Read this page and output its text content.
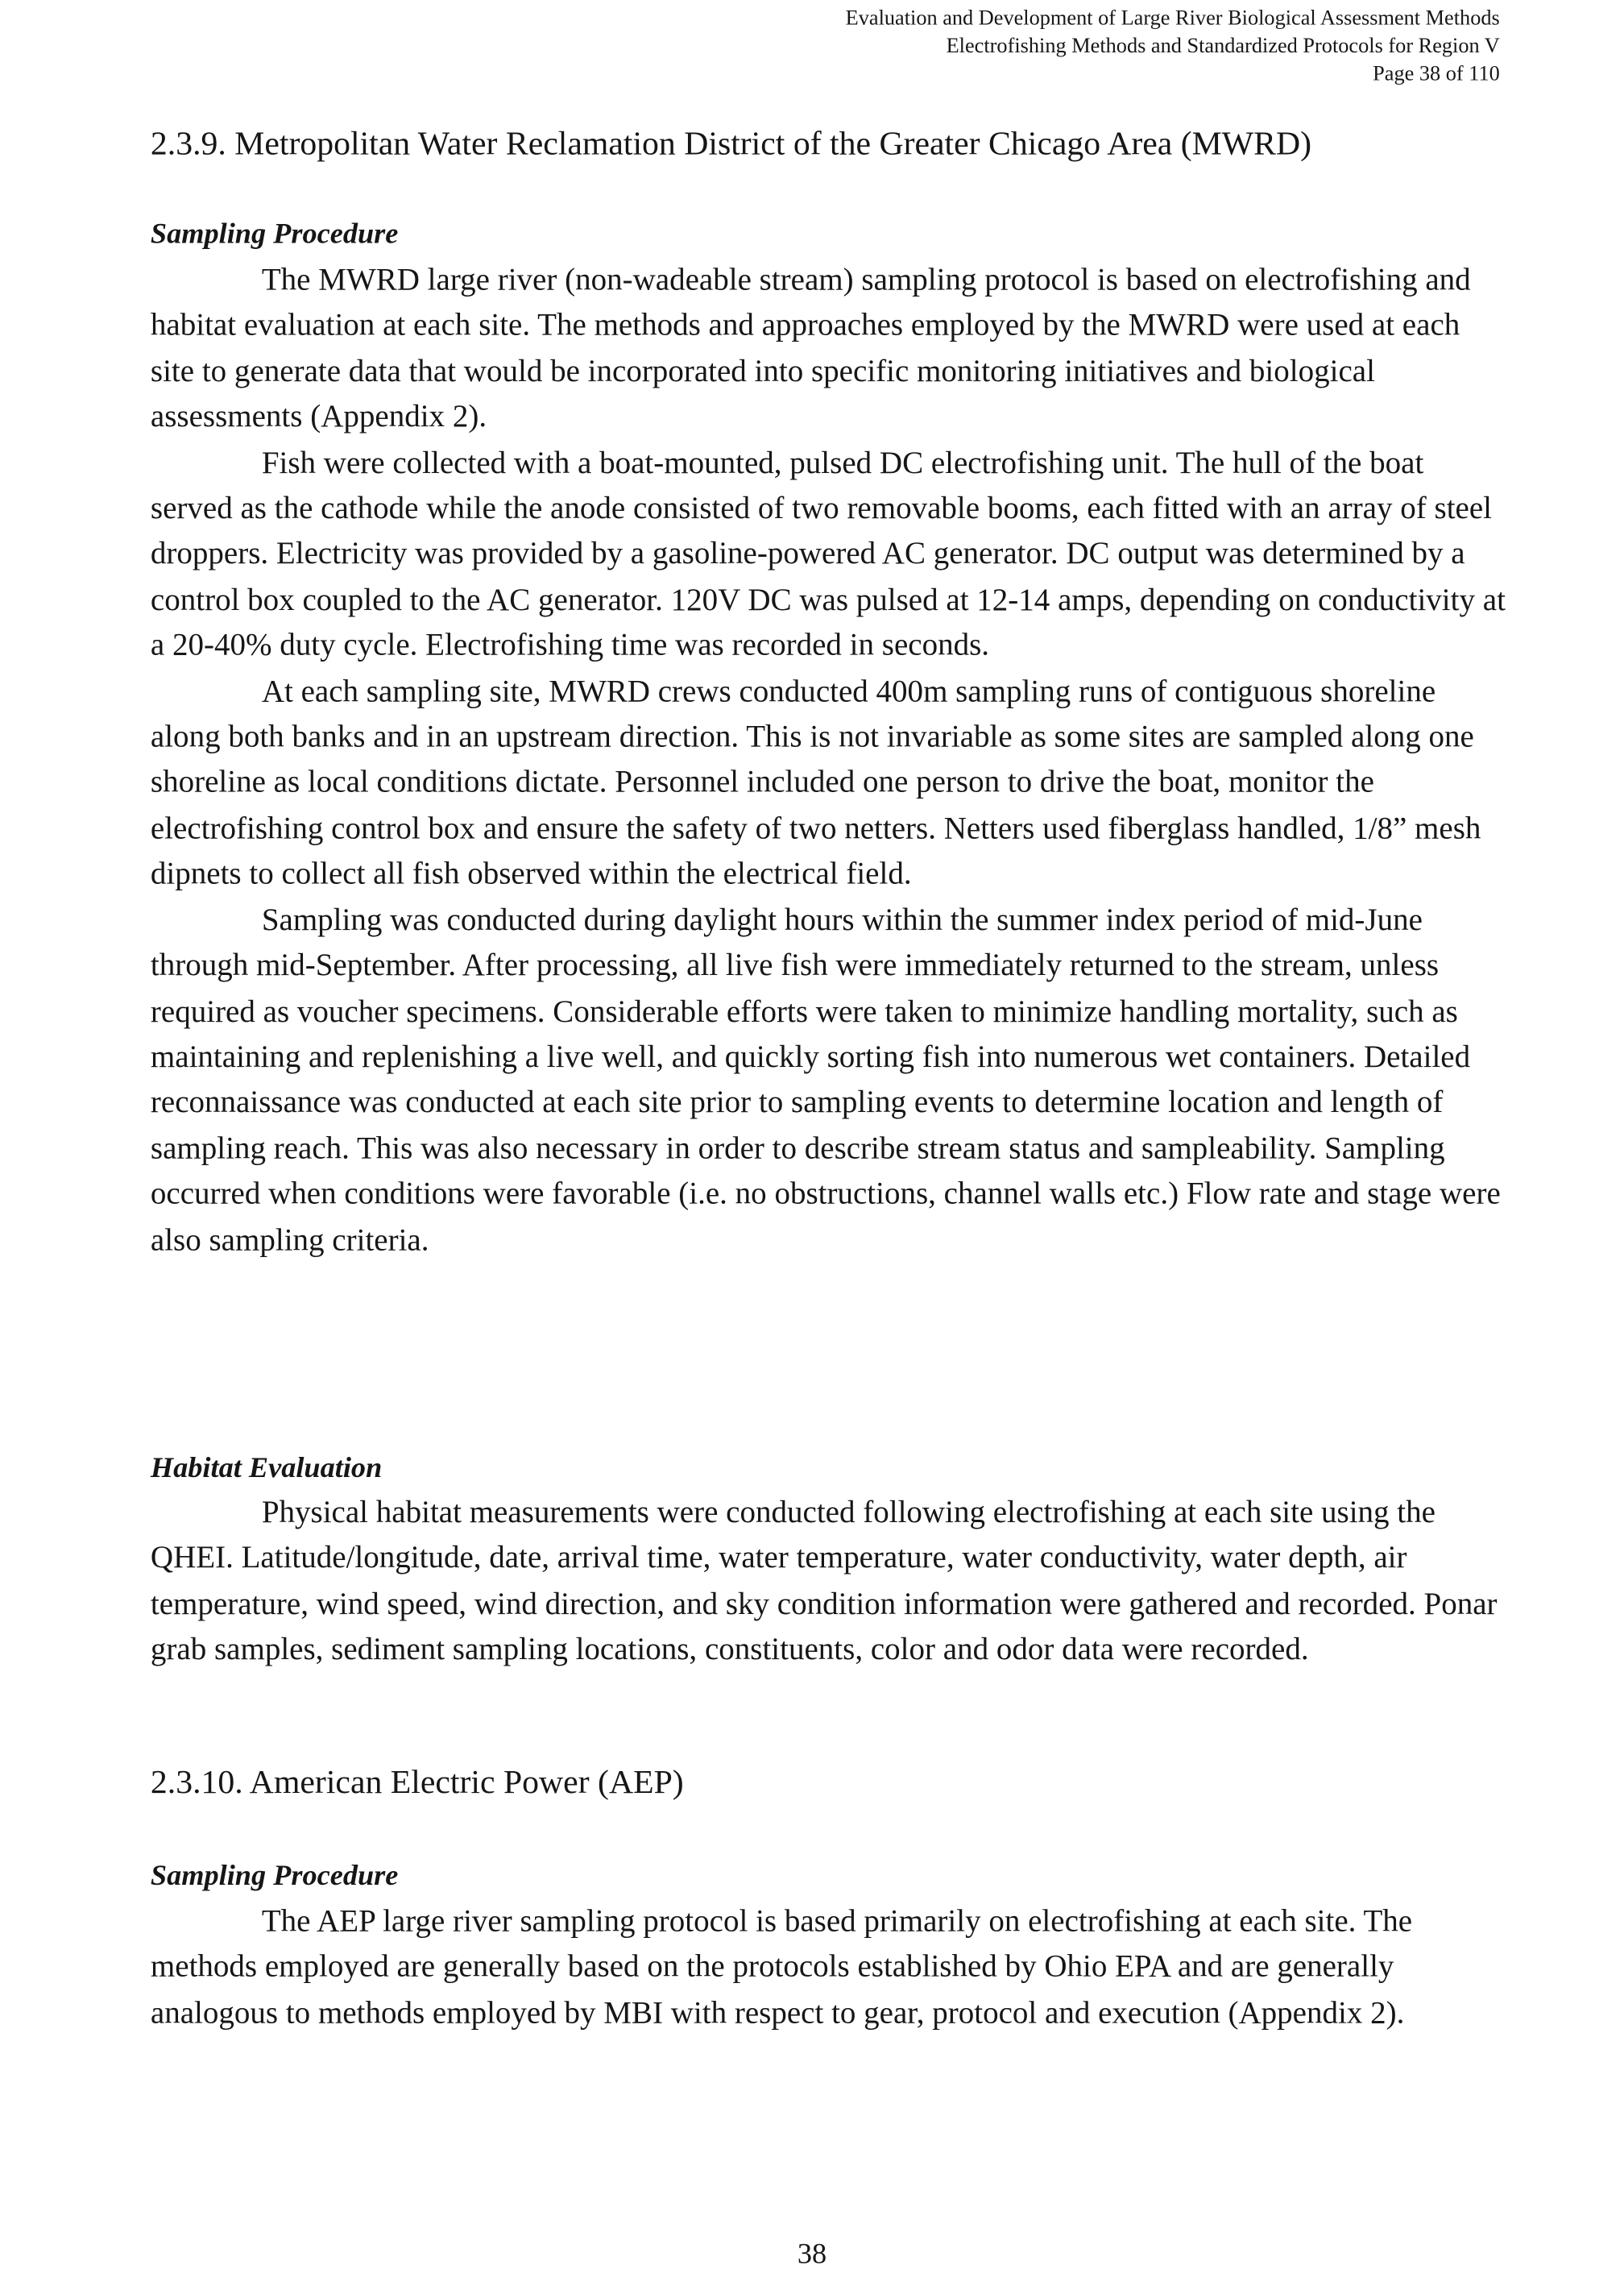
Evaluation and Development of Large River Biological Assessment Methods
Electrofishing Methods and Standardized Protocols for Region V
Page 38 of 110
2.3.9. Metropolitan Water Reclamation District of the Greater Chicago Area (MWRD)
Sampling Procedure

The MWRD large river (non-wadeable stream) sampling protocol is based on electrofishing and habitat evaluation at each site. The methods and approaches employed by the MWRD were used at each site to generate data that would be incorporated into specific monitoring initiatives and biological assessments (Appendix 2).

Fish were collected with a boat-mounted, pulsed DC electrofishing unit. The hull of the boat served as the cathode while the anode consisted of two removable booms, each fitted with an array of steel droppers. Electricity was provided by a gasoline-powered AC generator. DC output was determined by a control box coupled to the AC generator. 120V DC was pulsed at 12-14 amps, depending on conductivity at a 20-40% duty cycle. Electrofishing time was recorded in seconds.

At each sampling site, MWRD crews conducted 400m sampling runs of contiguous shoreline along both banks and in an upstream direction. This is not invariable as some sites are sampled along one shoreline as local conditions dictate. Personnel included one person to drive the boat, monitor the electrofishing control box and ensure the safety of two netters. Netters used fiberglass handled, 1/8” mesh dipnets to collect all fish observed within the electrical field.

Sampling was conducted during daylight hours within the summer index period of mid-June through mid-September. After processing, all live fish were immediately returned to the stream, unless required as voucher specimens. Considerable efforts were taken to minimize handling mortality, such as maintaining and replenishing a live well, and quickly sorting fish into numerous wet containers. Detailed reconnaissance was conducted at each site prior to sampling events to determine location and length of sampling reach. This was also necessary in order to describe stream status and sampleability. Sampling occurred when conditions were favorable (i.e. no obstructions, channel walls etc.) Flow rate and stage were also sampling criteria.

Habitat Evaluation

Physical habitat measurements were conducted following electrofishing at each site using the QHEI. Latitude/longitude, date, arrival time, water temperature, water conductivity, water depth, air temperature, wind speed, wind direction, and sky condition information were gathered and recorded. Ponar grab samples, sediment sampling locations, constituents, color and odor data were recorded.

2.3.10. American Electric Power (AEP)
Sampling Procedure

The AEP large river sampling protocol is based primarily on electrofishing at each site. The methods employed are generally based on the protocols established by Ohio EPA and are generally analogous to methods employed by MBI with respect to gear, protocol and execution (Appendix 2).

38
